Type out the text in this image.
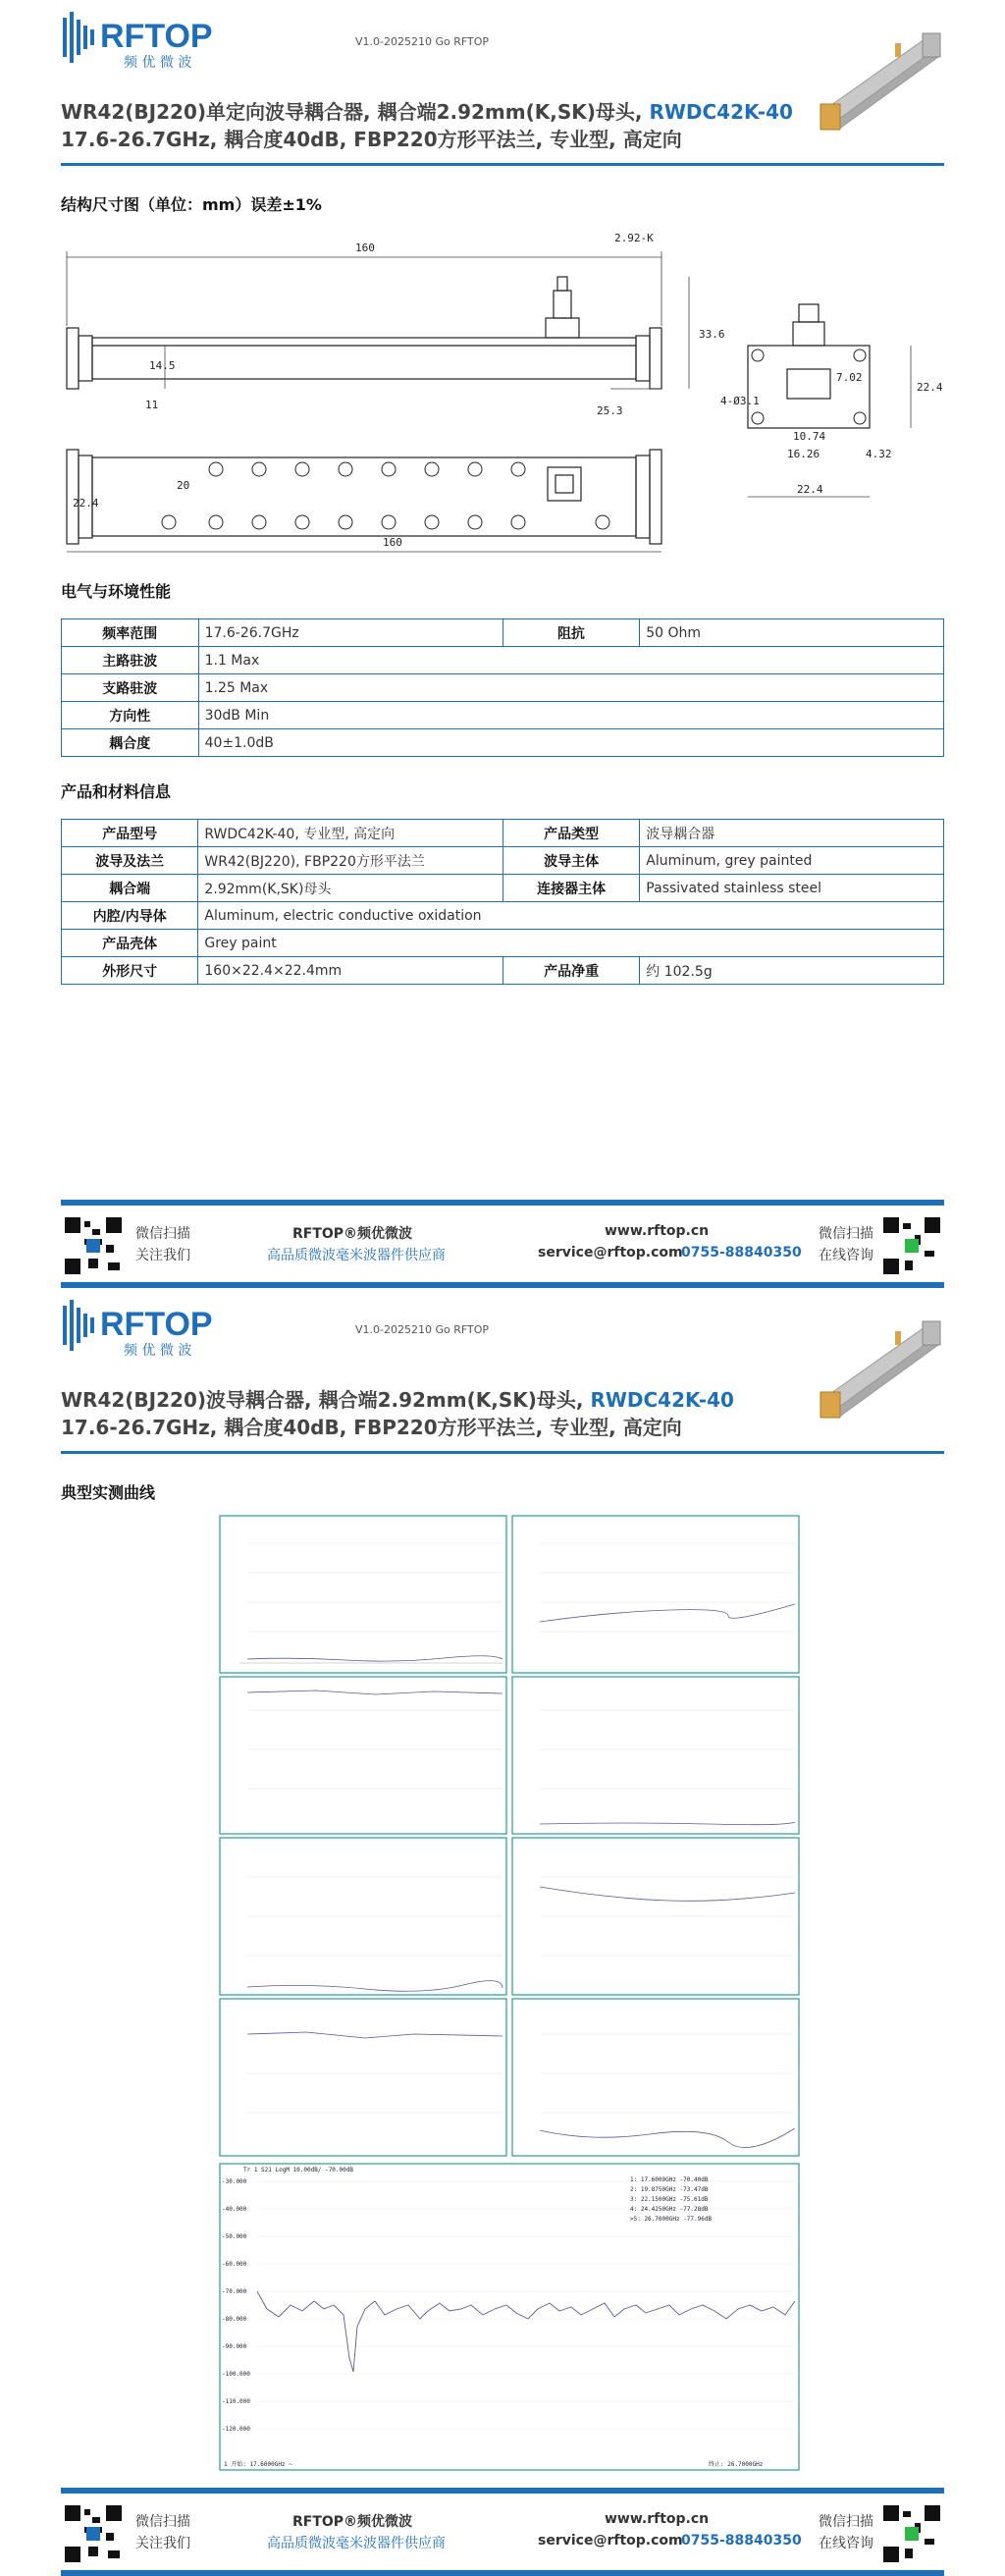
RFTOP
频 优 微 波
V1.0-2025210 Go RFTOP
WR42(BJ220)单定向波导耦合器, 耦合端2.92mm(K,SK)母头, RWDC42K-40
17.6-26.7GHz, 耦合度40dB, FBP220方形平法兰, 专业型, 高定向
结构尺寸图（单位：mm）误差±1%
160
2.92-K
33.6
14.5
11	25.3
20
22.4
160
4-Ø3.1
7.02
10.74
16.26	4.32
22.4
22.4
电气与环境性能
频率范围	17.6-26.7GHz	阻抗	50 Ohm
主路驻波	1.1 Max		
支路驻波	1.25 Max		
方向性	30dB Min		
耦合度	40±1.0dB		
产品和材料信息
产品型号	RWDC42K-40, 专业型, 高定向	产品类型	波导耦合器
波导及法兰	WR42(BJ220), FBP220方形平法兰	波导主体	Aluminum, grey painted
耦合端	2.92mm(K,SK)母头	连接器主体	Passivated stainless steel
内腔/内导体	Aluminum, electric conductive oxidation		
产品壳体	Grey paint		
外形尺寸	160×22.4×22.4mm	产品净重	约 102.5g
微信扫描
关注我们
RFTOP®频优微波
高品质微波毫米波器件供应商
www.rftop.cn
service@rftop.com
0755-88840350
微信扫描
在线咨询
RFTOP
频 优 微 波
V1.0-2025210 Go RFTOP
WR42(BJ220)波导耦合器, 耦合端2.92mm(K,SK)母头, RWDC42K-40
17.6-26.7GHz, 耦合度40dB, FBP220方形平法兰, 专业型, 高定向
典型实测曲线
Tr 1 S21 LogM 10.00dB/ -70.00dB
-30.000
-40.000
-50.000
-60.000
-70.000
-80.000
-90.000
-100.000
-110.000
-120.000
1: 17.6000GHz -70.40dB
2: 19.8750GHz -73.47dB
3: 22.1500GHz -75.61dB
4: 24.4250GHz -77.28dB
>5: 26.7000GHz -77.96dB
1 开始: 17.6000GHz ~	终止: 26.7000GHz
微信扫描
关注我们
RFTOP®频优微波
高品质微波毫米波器件供应商
www.rftop.cn
service@rftop.com
0755-88840350
微信扫描
在线咨询
